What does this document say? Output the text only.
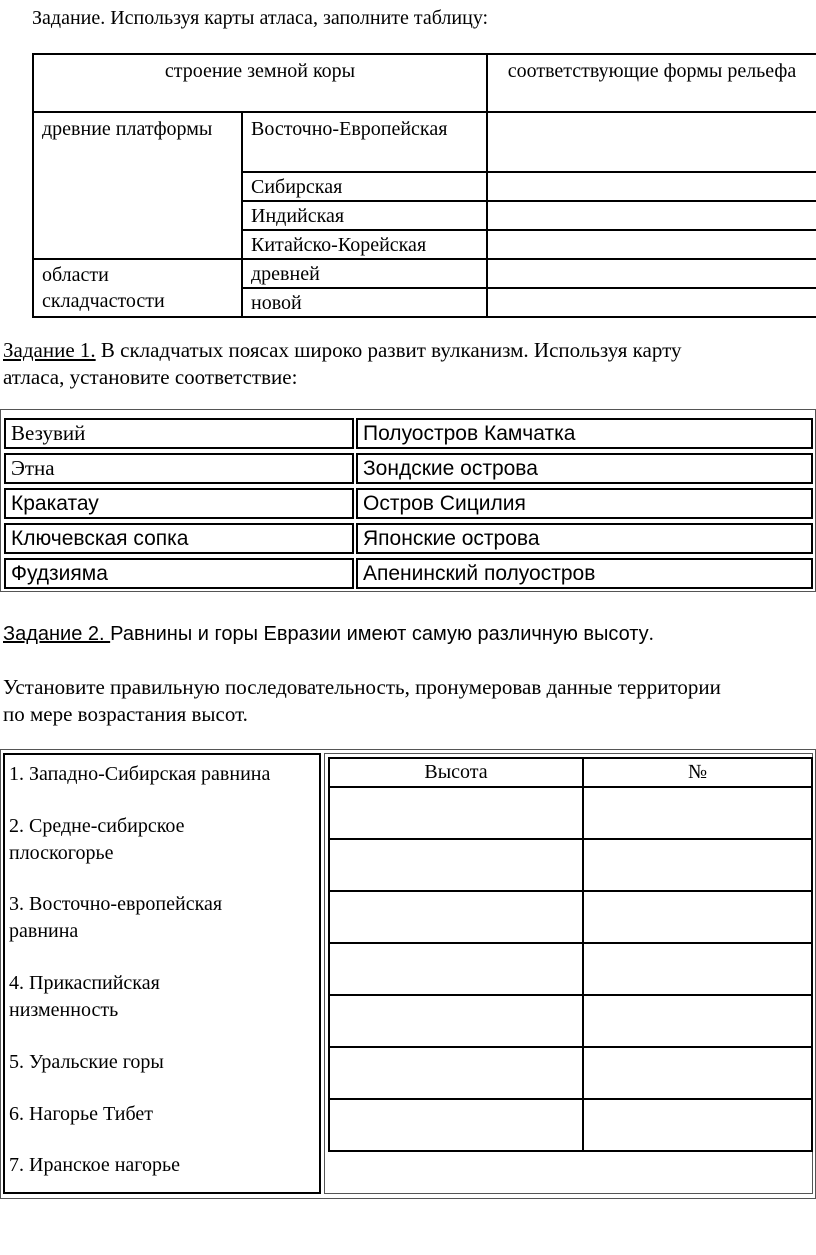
Задание. Используя карты атласа, заполните таблицу:
строение земной коры		соответствующие формы рельефа
древние платформы	Восточно-Европейская	
	Сибирская	
	Индийская	
	Китайско-Корейская	
области складчастости	древней	
	новой	
Задание 1. В складчатых поясах широко развит вулканизм. Используя карту
атласа, установите соответствие:
Везувий	Полуостров Камчатка
Этна	Зондские острова
Кракатау	Остров Сицилия
Ключевская сопка	Японские острова
Фудзияма	Апенинский полуостров
Задание 2. Равнины и горы Евразии имеют самую различную высоту.
Установите правильную последовательность, пронумеровав данные территории
по мере возрастания высот.
1. Западно-Сибирская равнина
2. Средне-сибирское
плоскогорье
3. Восточно-европейская
равнина
4. Прикаспийская
низменность
5. Уральские горы
6. Нагорье Тибет
7. Иранское нагорье
Высота	№
